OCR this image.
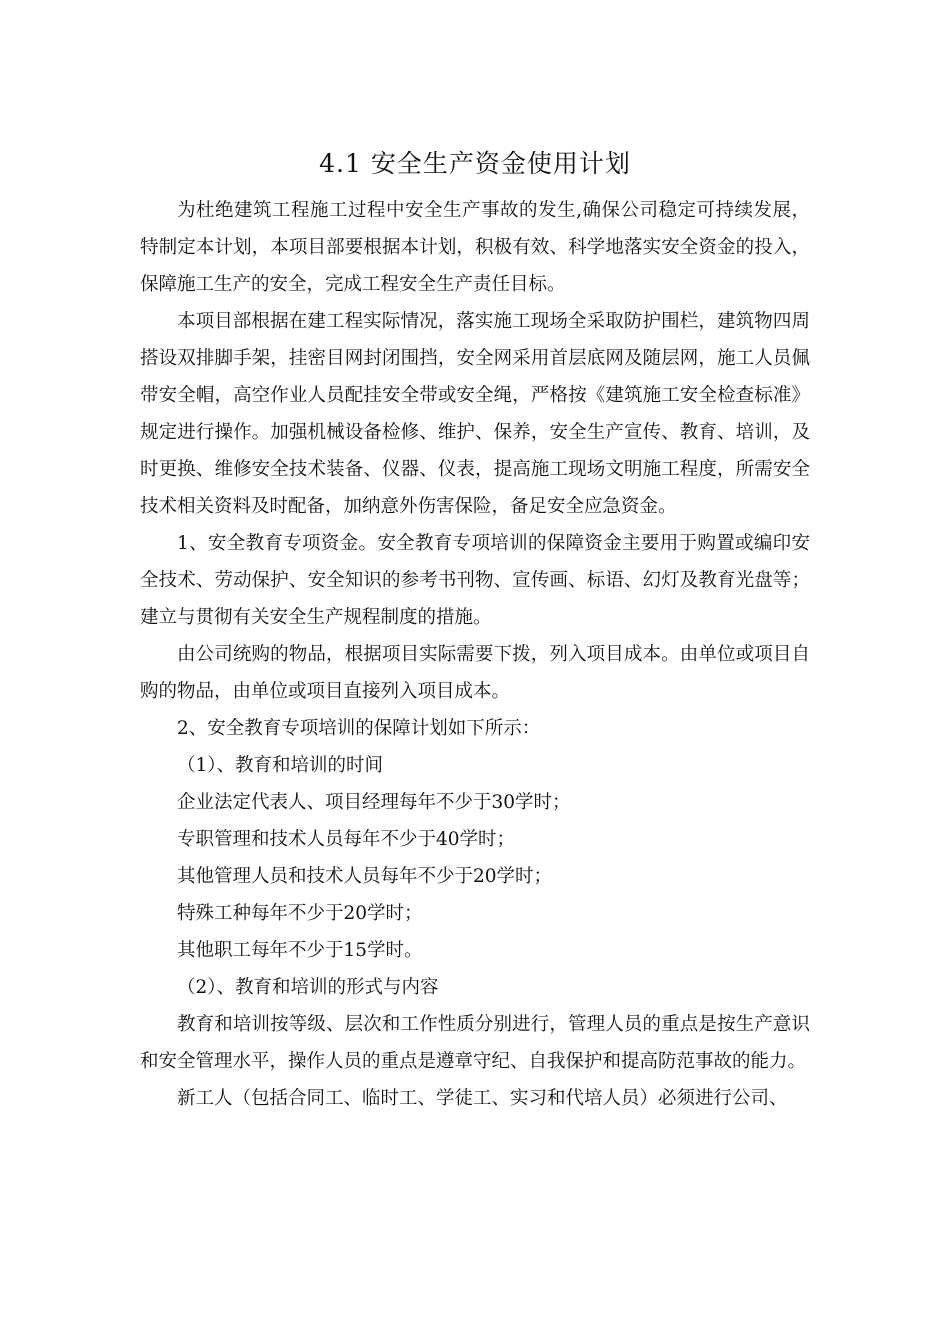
4.1 安全生产资金使用计划

为杜绝建筑工程施工过程中安全生产事故的发生,确保公司稳定可持续发展，特制定本计划，本项目部要根据本计划，积极有效、科学地落实安全资金的投入，保障施工生产的安全，完成工程安全生产责任目标。

本项目部根据在建工程实际情况，落实施工现场全采取防护围栏，建筑物四周搭设双排脚手架，挂密目网封闭围挡，安全网采用首层底网及随层网，施工人员佩带安全帽，高空作业人员配挂安全带或安全绳，严格按《建筑施工安全检查标准》规定进行操作。加强机械设备检修、维护、保养，安全生产宣传、教育、培训，及时更换、维修安全技术装备、仪器、仪表，提高施工现场文明施工程度，所需安全技术相关资料及时配备，加纳意外伤害保险，备足安全应急资金。

1、安全教育专项资金。安全教育专项培训的保障资金主要用于购置或编印安全技术、劳动保护、安全知识的参考书刊物、宣传画、标语、幻灯及教育光盘等；建立与贯彻有关安全生产规程制度的措施。

由公司统购的物品，根据项目实际需要下拨，列入项目成本。由单位或项目自购的物品，由单位或项目直接列入项目成本。

2、安全教育专项培训的保障计划如下所示：

（1）、教育和培训的时间

企业法定代表人、项目经理每年不少于30学时；

专职管理和技术人员每年不少于40学时；

其他管理人员和技术人员每年不少于20学时；

特殊工种每年不少于20学时；

其他职工每年不少于15学时。

（2）、教育和培训的形式与内容

教育和培训按等级、层次和工作性质分别进行，管理人员的重点是按生产意识和安全管理水平，操作人员的重点是遵章守纪、自我保护和提高防范事故的能力。

新工人（包括合同工、临时工、学徒工、实习和代培人员）必须进行公司、
